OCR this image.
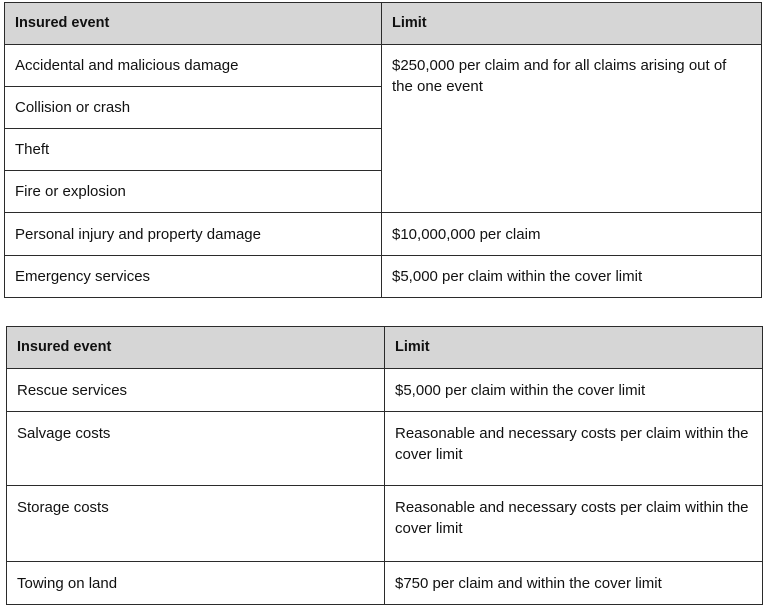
Insured event	Limit
Accidental and malicious damage	$250,000 per claim and for all claims arising out of the one event
Collision or crash	
Theft	
Fire or explosion	
Personal injury and property damage	$10,000,000 per claim
Emergency services	$5,000 per claim within the cover limit
Insured event	Limit
Rescue services	$5,000 per claim within the cover limit
Salvage costs	Reasonable and necessary costs per claim within the cover limit
Storage costs	Reasonable and necessary costs per claim within the cover limit
Towing on land	$750 per claim and within the cover limit
